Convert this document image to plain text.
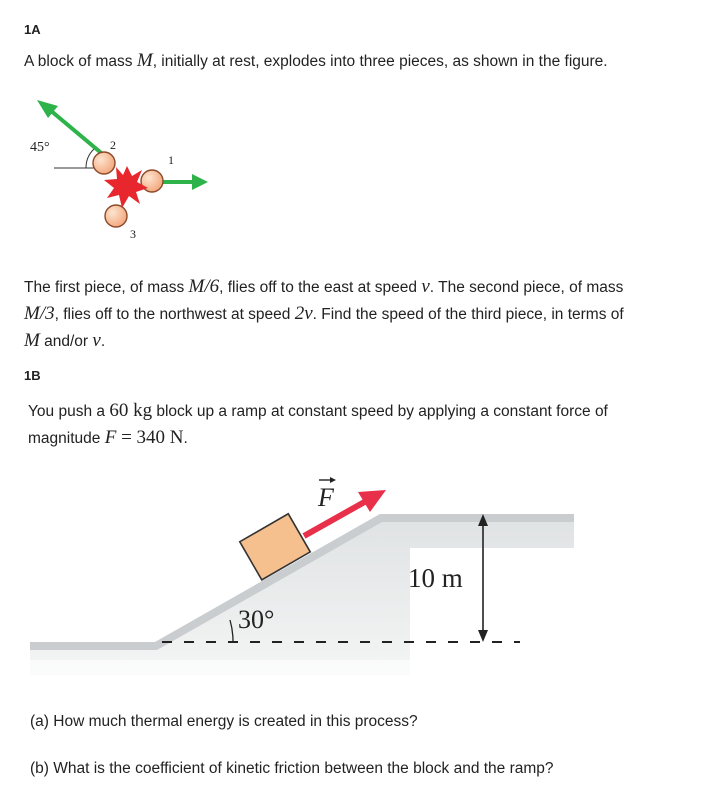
1A
A block of mass M, initially at rest, explodes into three pieces, as shown in the figure.
45°	2
1
3
The first piece, of mass M/6, flies off to the east at speed v. The second piece, of mass
M/3, flies off to the northwest at speed 2v. Find the speed of the third piece, in terms of
M and/or v.
1B
You push a 60 kg block up a ramp at constant speed by applying a constant force of
magnitude F = 340 N.
30°
10 m
F
(a) How much thermal energy is created in this process?
(b) What is the coefficient of kinetic friction between the block and the ramp?
